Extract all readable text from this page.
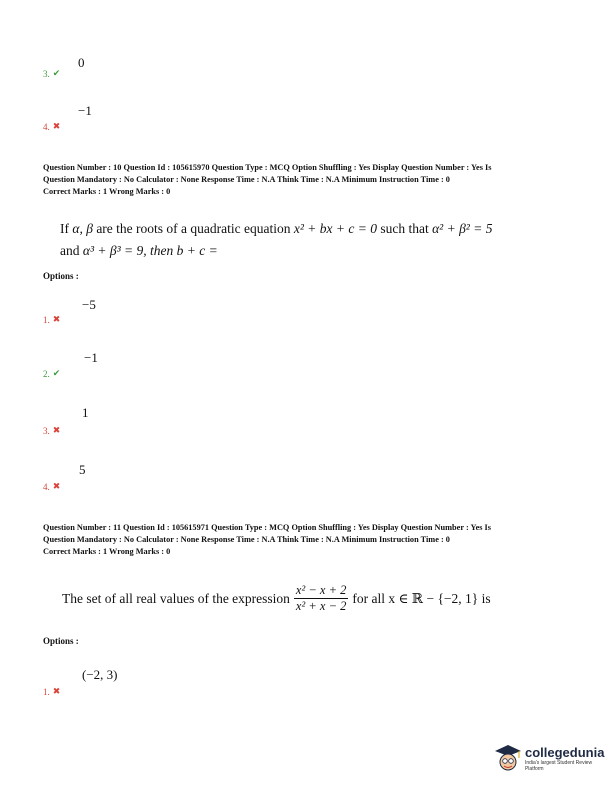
0
3. ✔
−1
4. ✖
Question Number : 10 Question Id : 105615970 Question Type : MCQ Option Shuffling : Yes Display Question Number : Yes Is
Question Mandatory : No Calculator : None Response Time : N.A Think Time : N.A Minimum Instruction Time : 0
Correct Marks : 1 Wrong Marks : 0
If α, β are the roots of a quadratic equation x² + bx + c = 0 such that α² + β² = 5
and α³ + β³ = 9, then b + c =
Options :
−5
1. ✖
−1
2. ✔
1
3. ✖
5
4. ✖
Question Number : 11 Question Id : 105615971 Question Type : MCQ Option Shuffling : Yes Display Question Number : Yes Is
Question Mandatory : No Calculator : None Response Time : N.A Think Time : N.A Minimum Instruction Time : 0
Correct Marks : 1 Wrong Marks : 0
The set of all real values of the expression $\frac{\text{x² − x + 2}}{\text{x² + x − 2}}$ for all x ∈ ℝ − {−2, 1} is
Options :
(−2, 3)
1. ✖
collegedunia
India's largest Student Review Platform
